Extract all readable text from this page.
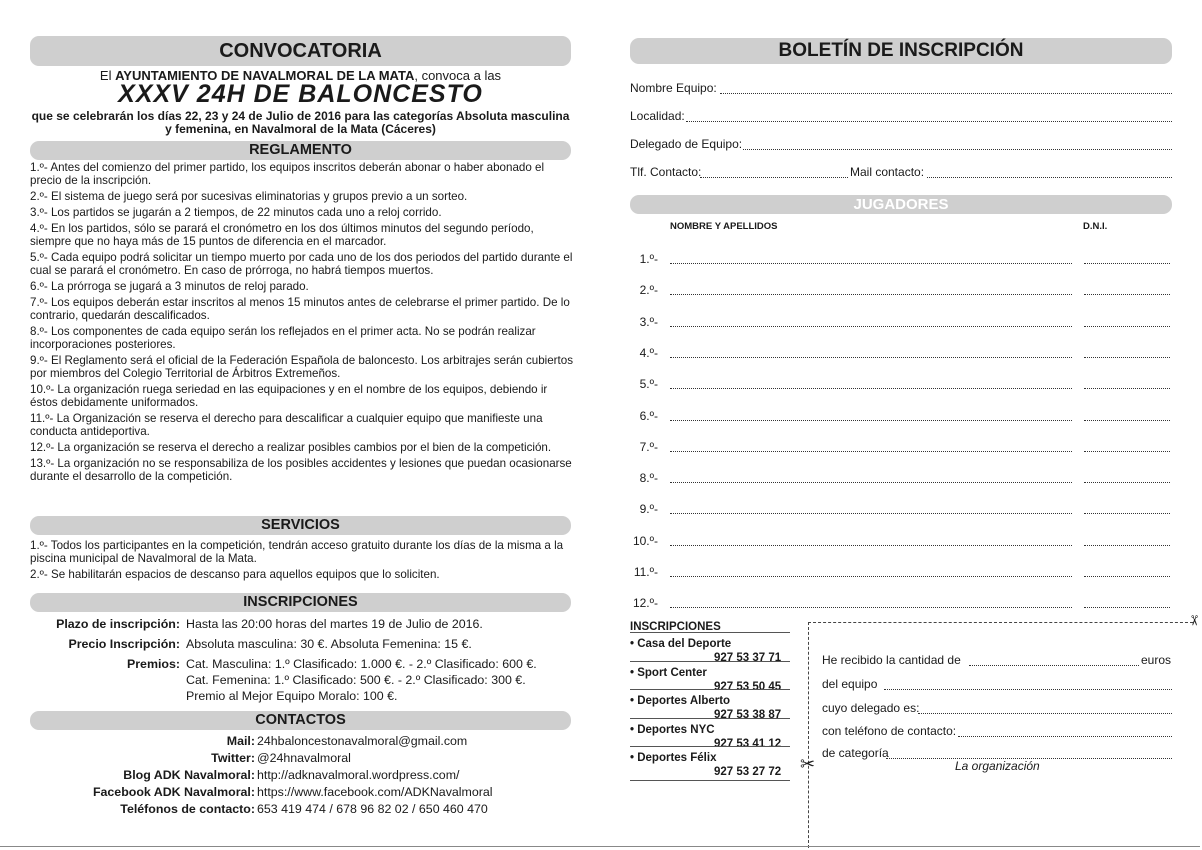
CONVOCATORIA
El AYUNTAMIENTO DE NAVALMORAL DE LA MATA, convoca a las
XXXV 24H DE BALONCESTO
que se celebrarán los días 22, 23 y 24 de Julio de 2016 para las categorías Absoluta masculina
y femenina, en Navalmoral de la Mata (Cáceres)
REGLAMENTO
1.º- Antes del comienzo del primer partido, los equipos inscritos deberán abonar o haber abonado el precio de la inscripción.
2.º- El sistema de juego será por sucesivas eliminatorias y grupos previo a un sorteo.
3.º- Los partidos se jugarán a 2 tiempos, de 22 minutos cada uno a reloj corrido.
4.º- En los partidos, sólo se parará el cronómetro en los dos últimos minutos del segundo período, siempre que no haya más de 15 puntos de diferencia en el marcador.
5.º- Cada equipo podrá solicitar un tiempo muerto por cada uno de los dos periodos del partido durante el cual se parará el cronómetro. En caso de prórroga, no habrá tiempos muertos.
6.º- La prórroga se jugará a 3 minutos de reloj parado.
7.º- Los equipos deberán estar inscritos al menos 15 minutos antes de celebrarse el primer partido. De lo contrario, quedarán descalificados.
8.º- Los componentes de cada equipo serán los reflejados en el primer acta. No se podrán realizar incorporaciones posteriores.
9.º- El Reglamento será el oficial de la Federación Española de baloncesto. Los arbitrajes serán cubiertos por miembros del Colegio Territorial de Árbitros Extremeños.
10.º- La organización ruega seriedad en las equipaciones y en el nombre de los equipos, debiendo ir éstos debidamente uniformados.
11.º- La Organización se reserva el derecho para descalificar a cualquier equipo que manifieste una conducta antideportiva.
12.º- La organización se reserva el derecho a realizar posibles cambios por el bien de la competición.
13.º- La organización no se responsabiliza de los posibles accidentes y lesiones que puedan ocasionarse durante el desarrollo de la competición.
SERVICIOS
1.º- Todos los participantes en la competición, tendrán acceso gratuito durante los días de la misma a la piscina municipal de Navalmoral de la Mata.
2.º- Se habilitarán espacios de descanso para aquellos equipos que lo soliciten.
INSCRIPCIONES
Plazo de inscripción: Hasta las 20:00 horas del martes 19 de Julio de 2016.
Precio Inscripción: Absoluta masculina: 30 €. Absoluta Femenina: 15 €.
Premios: Cat. Masculina: 1.º Clasificado: 1.000 €. - 2.º Clasificado: 600 €.
Cat. Femenina: 1.º Clasificado: 500 €. - 2.º Clasificado: 300 €.
Premio al Mejor Equipo Moralo: 100 €.
CONTACTOS
Mail: 24hbaloncestonavalmoral@gmail.com
Twitter: @24hnavalmoral
Blog ADK Navalmoral: http://adknavalmoral.wordpress.com/
Facebook ADK Navalmoral: https://www.facebook.com/ADKNavalmoral
Teléfonos de contacto: 653 419 474 / 678 96 82 02 / 650 460 470
BOLETÍN DE INSCRIPCIÓN
Nombre Equipo:
Localidad:
Delegado de Equipo:
Tlf. Contacto:	Mail contacto:
JUGADORES
NOMBRE Y APELLIDOS	D.N.I.
1.º-
2.º-
3.º-
4.º-
5.º-
6.º-
7.º-
8.º-
9.º-
10.º-
11.º-
12.º-
INSCRIPCIONES
• Casa del Deporte
927 53 37 71
• Sport Center
927 53 50 45
• Deportes Alberto
927 53 38 87
• Deportes NYC
927 53 41 12
• Deportes Félix
927 53 27 72 ✂
✂
He recibido la cantidad de	euros
del equipo
cuyo delegado es:
con teléfono de contacto:
de categoría
La organización
